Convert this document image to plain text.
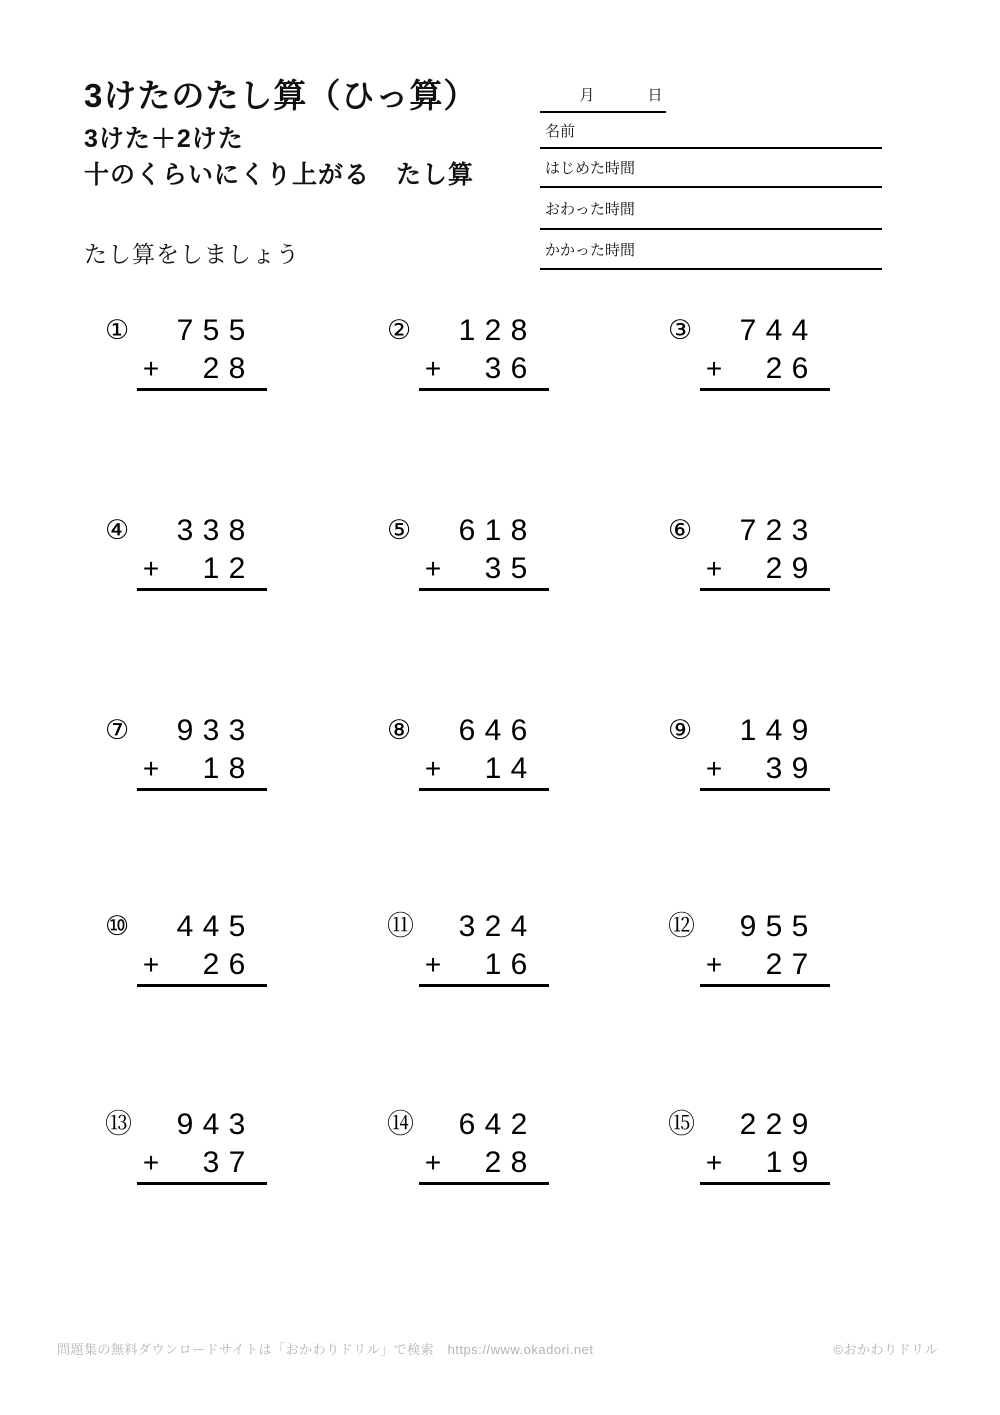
3けたのたし算（ひっ算）
3けた＋2けた
十のくらいにくり上がる　たし算
たし算をしましょう
月	日
名前
はじめた時間
おわった時間
かかった時間
① 7 5 5
+ 2 8
② 1 2 8
+ 3 6
③ 7 4 4
+ 2 6
④ 3 3 8
+ 1 2
⑤ 6 1 8
+ 3 5
⑥ 7 2 3
+ 2 9
⑦ 9 3 3
+ 1 8
⑧ 6 4 6
+ 1 4
⑨ 1 4 9
+ 3 9
⑩ 4 4 5
+ 2 6
⑪ 3 2 4
+ 1 6
⑫ 9 5 5
+ 2 7
⑬ 9 4 3
+ 3 7
⑭ 6 4 2
+ 2 8
⑮ 2 2 9
+ 1 9
問題集の無料ダウンロードサイトは「おかわりドリル」で検索　https://www.okadori.net	©おかわりドリル
